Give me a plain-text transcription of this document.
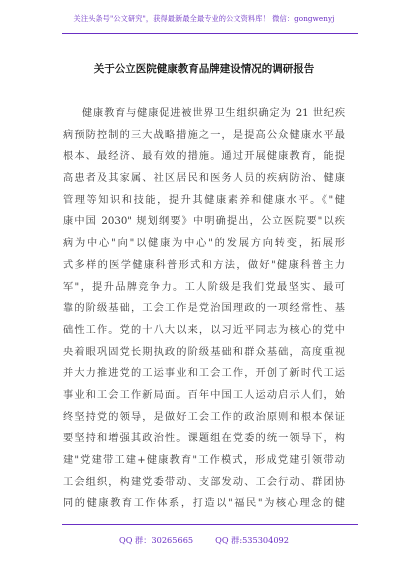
关注头条号"公文研究"，获得最新最全最专业的公文资料库！ 微信：gongwenyj
关于公立医院健康教育品牌建设情况的调研报告
健康教育与健康促进被世界卫生组织确定为 21 世纪疾
病预防控制的三大战略措施之一，是提高公众健康水平最
根本、最经济、最有效的措施。通过开展健康教育，能提
高患者及其家属、社区居民和医务人员的疾病防治、健康
管理等知识和技能，提升其健康素养和健康水平。《"健
康中国 2030" 规划纲要》中明确提出，公立医院要"以疾
病为中心"向"以健康为中心"的发展方向转变，拓展形
式多样的医学健康科普形式和方法，做好"健康科普主力
军"，提升品牌竞争力。工人阶级是我们党最坚实、最可
靠的阶级基础，工会工作是党治国理政的一项经常性、基
础性工作。党的十八大以来，以习近平同志为核心的党中
央着眼巩固党长期执政的阶级基础和群众基础，高度重视
并大力推进党的工运事业和工会工作，开创了新时代工运
事业和工会工作新局面。百年中国工人运动启示人们，始
终坚持党的领导，是做好工会工作的政治原则和根本保证
要坚持和增强其政治性。课题组在党委的统一领导下，构
建"党建带工建+健康教育"工作模式，形成党建引领带动
工会组织，构建党委带动、支部发动、工会行动、群团协
同的健康教育工作体系，打造以"福民"为核心理念的健
QQ 群：30265665	QQ 群:535304092
